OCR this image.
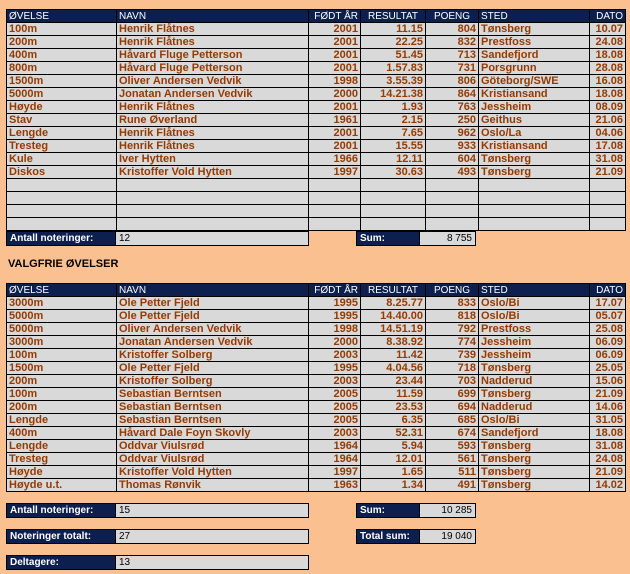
ØVELSE	NAVN	FØDT ÅR	RESULTAT	POENG	STED	DATO
100m	Henrik Flåtnes	2001	11.15	804	Tønsberg	10.07
200m	Henrik Flåtnes	2001	22.25	832	Prestfoss	24.08
400m	Håvard Fluge Petterson	2001	51.45	713	Sandefjord	18.08
800m	Håvard Fluge Petterson	2001	1.57.83	731	Porsgrunn	28.08
1500m	Oliver Andersen Vedvik	1998	3.55.39	806	Göteborg/SWE	16.08
5000m	Jonatan Andersen Vedvik	2000	14.21.38	864	Kristiansand	18.08
Høyde	Henrik Flåtnes	2001	1.93	763	Jessheim	08.09
Stav	Rune Øverland	1961	2.15	250	Geithus	21.06
Lengde	Henrik Flåtnes	2001	7.65	962	Oslo/La	04.06
Tresteg	Henrik Flåtnes	2001	15.55	933	Kristiansand	17.08
Kule	Iver Hytten	1966	12.11	604	Tønsberg	31.08
Diskos	Kristoffer Vold Hytten	1997	30.63	493	Tønsberg	21.09

Antall noteringer:	12	Sum:	8 755
VALGFRIE ØVELSER
ØVELSE	NAVN	FØDT ÅR	RESULTAT	POENG	STED	DATO
3000m	Ole Petter Fjeld	1995	8.25.77	833	Oslo/Bi	17.07
5000m	Ole Petter Fjeld	1995	14.40.00	818	Oslo/Bi	05.07
5000m	Oliver Andersen Vedvik	1998	14.51.19	792	Prestfoss	25.08
3000m	Jonatan Andersen Vedvik	2000	8.38.92	774	Jessheim	06.09
100m	Kristoffer Solberg	2003	11.42	739	Jessheim	06.09
1500m	Ole Petter Fjeld	1995	4.04.56	718	Tønsberg	25.05
200m	Kristoffer Solberg	2003	23.44	703	Nadderud	15.06
100m	Sebastian Berntsen	2005	11.59	699	Tønsberg	21.09
200m	Sebastian Berntsen	2005	23.53	694	Nadderud	14.06
Lengde	Sebastian Berntsen	2005	6.35	685	Oslo/Bi	31.05
400m	Håvard Dale Foyn Skovly	2003	52.31	674	Sandefjord	18.08
Lengde	Oddvar Viulsrød	1964	5.94	593	Tønsberg	31.08
Tresteg	Oddvar Viulsrød	1964	12.01	561	Tønsberg	24.08
Høyde	Kristoffer Vold Hytten	1997	1.65	511	Tønsberg	21.09
Høyde u.t.	Thomas Rønvik	1963	1.34	491	Tønsberg	14.02
Antall noteringer:	15	Sum:	10 285
Noteringer totalt:	27	Total sum:	19 040
Deltagere:	13
